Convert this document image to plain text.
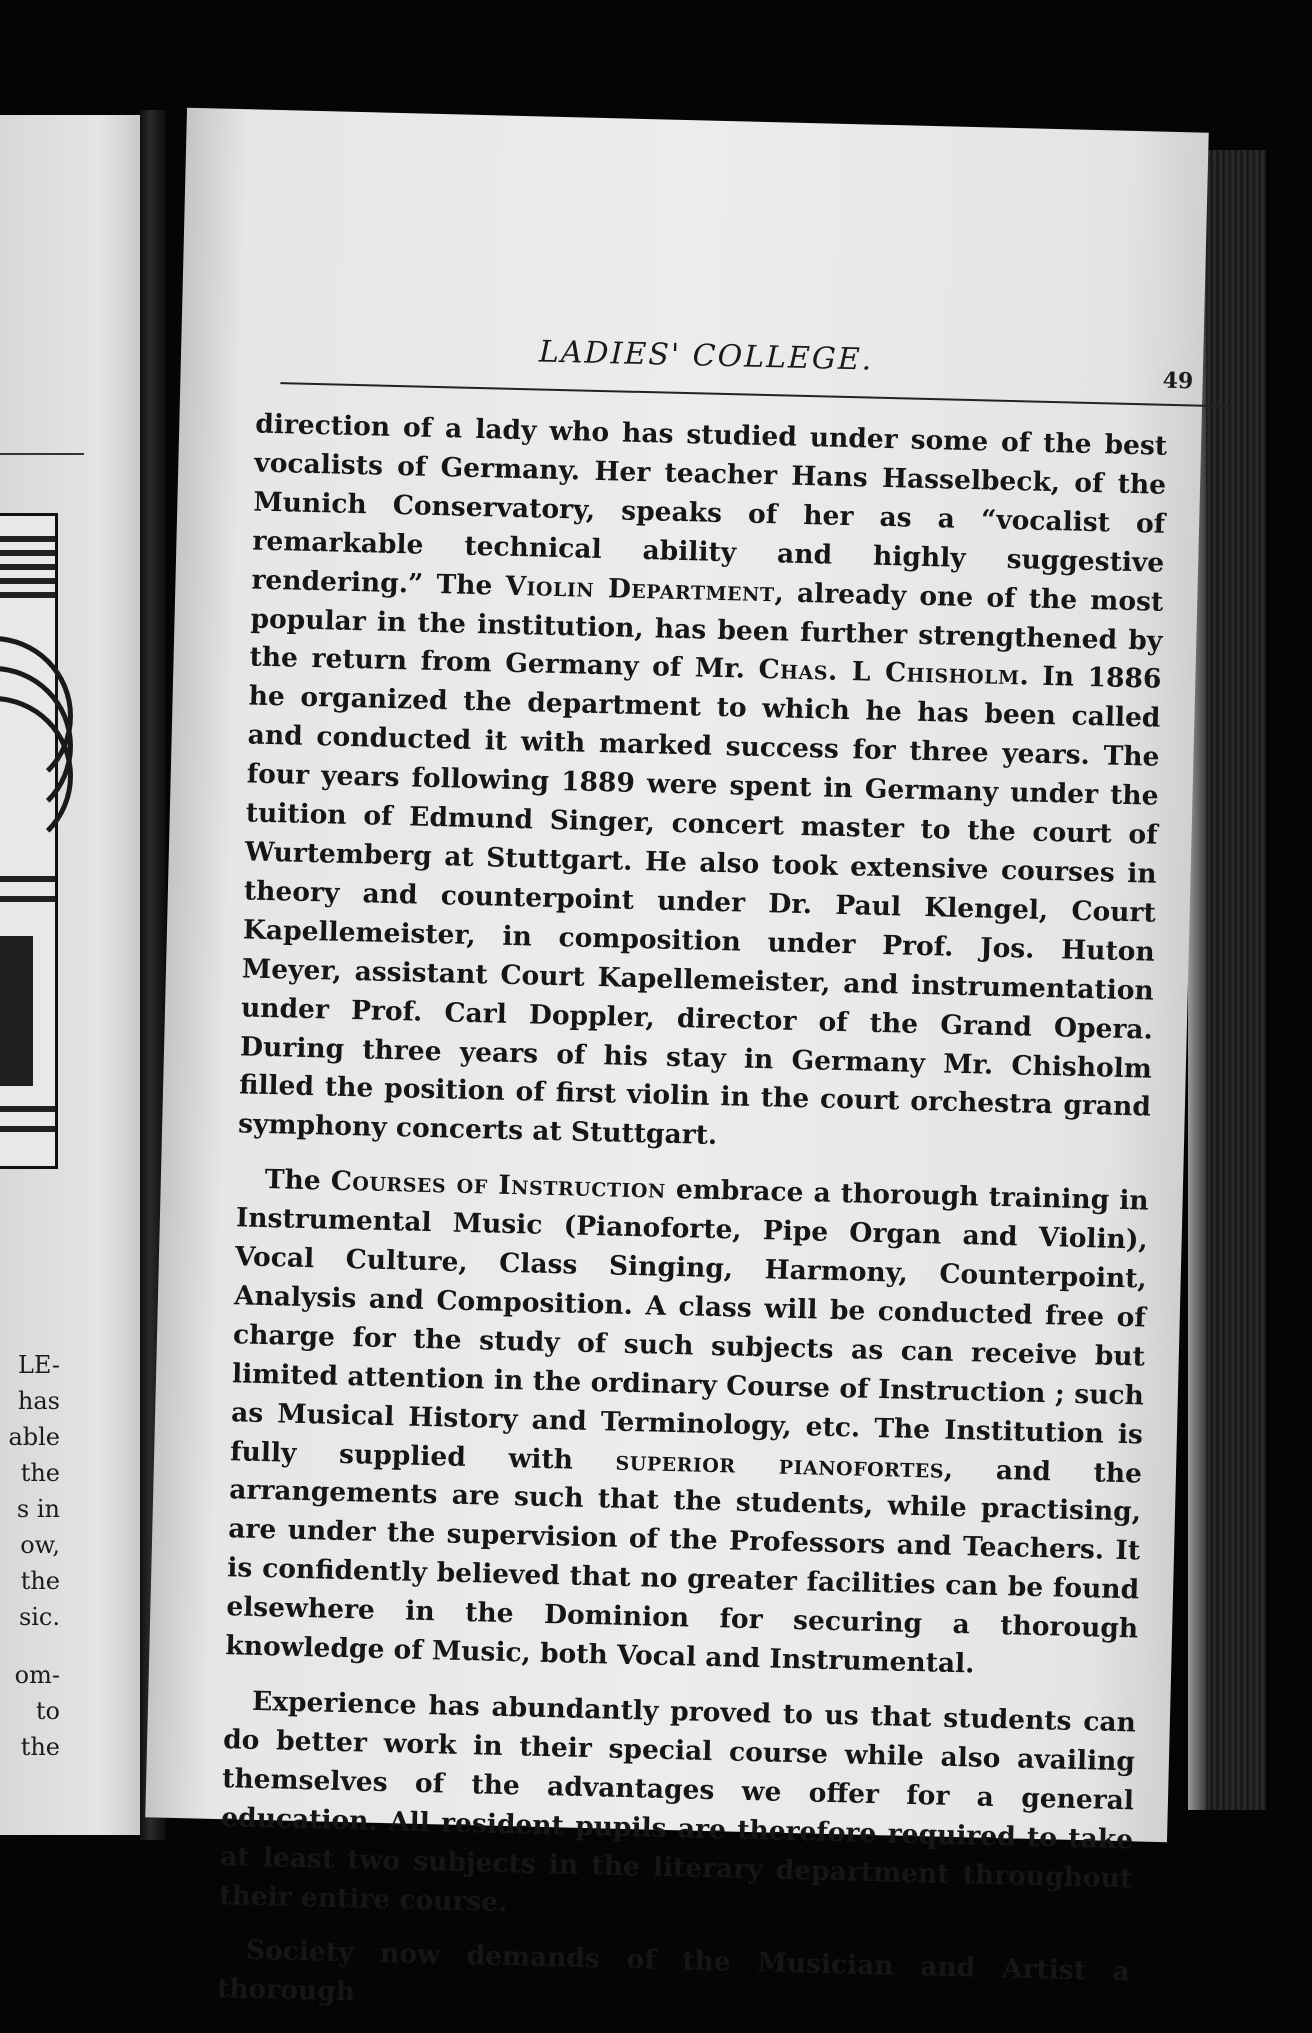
LE-
has
able
the
s in
ow,
the
sic.
om-
to
the
LADIES' COLLEGE.
49

direction of a lady who has studied under some of the best vocalists of Germany. Her teacher Hans Hasselbeck, of the Munich Conservatory, speaks of her as a “vocalist of remarkable technical ability and highly suggestive rendering.” The Violin Department, already one of the most popular in the institution, has been further strengthened by the return from Germany of Mr. Chas. L Chisholm. In 1886 he organized the department to which he has been called and conducted it with marked success for three years. The four years following 1889 were spent in Germany under the tuition of Edmund Singer, concert master to the court of Wurtemberg at Stuttgart. He also took extensive courses in theory and counterpoint under Dr. Paul Klengel, Court Kapellemeister, in composition under Prof. Jos. Huton Meyer, assistant Court Kapellemeister, and instrumentation under Prof. Carl Doppler, director of the Grand Opera. During three years of his stay in Germany Mr. Chisholm filled the position of first violin in the court orchestra grand symphony concerts at Stuttgart.

The Courses of Instruction embrace a thorough training in Instrumental Music (Pianoforte, Pipe Organ and Violin), Vocal Culture, Class Singing, Harmony, Counterpoint, Analysis and Composition. A class will be conducted free of charge for the study of such subjects as can receive but limited attention in the ordinary Course of Instruction ; such as Musical History and Terminology, etc. The Institution is fully supplied with superior pianofortes, and the arrangements are such that the students, while practising, are under the supervision of the Professors and Teachers. It is confidently believed that no greater facilities can be found elsewhere in the Dominion for securing a thorough knowledge of Music, both Vocal and Instrumental.

Experience has abundantly proved to us that students can do better work in their special course while also availing themselves of the advantages we offer for a general education. All resident pupils are therefore required to take at least two subjects in the literary department throughout their entire course.

Society now demands of the Musician and Artist a thorough
